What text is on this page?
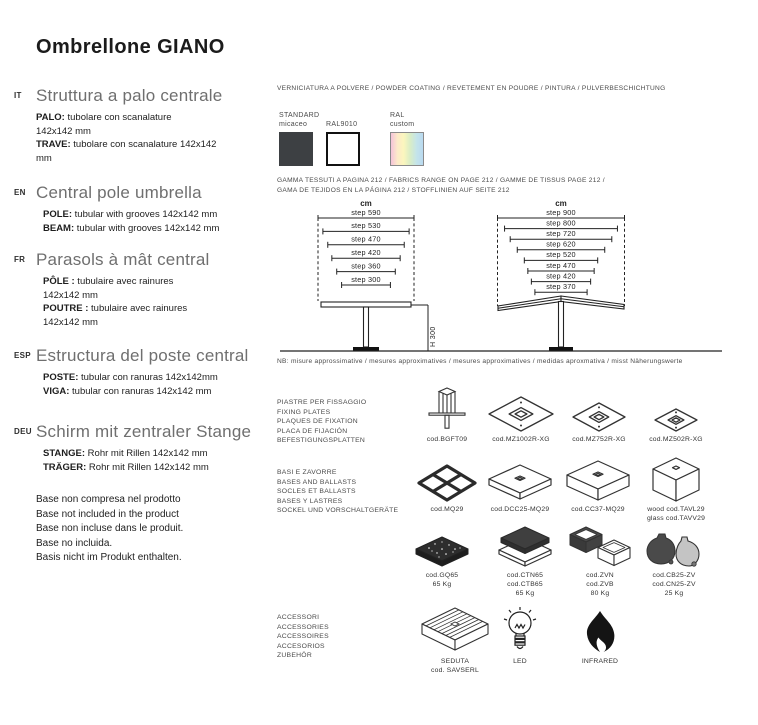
Ombrellone GIANO
IT Struttura a palo centrale
PALO: tubolare con scanalature
142x142 mm
TRAVE: tubolare con scanalature 142x142
mm
EN Central pole umbrella
POLE: tubular with grooves 142x142 mm
BEAM: tubular with grooves 142x142 mm
FR Parasols à mât central
PÔLE : tubulaire avec rainures
142x142 mm
POUTRE : tubulaire avec rainures
142x142 mm
ESP Estructura del poste central
POSTE: tubular con ranuras 142x142mm
VIGA: tubular con ranuras 142x142 mm
DEU Schirm mit zentraler Stange
STANGE: Rohr mit Rillen 142x142 mm
TRÄGER: Rohr mit Rillen 142x142 mm
Base non compresa nel prodotto
Base not included in the product
Base non incluse dans le produit.
Base no incluida.
Basis nicht im Produkt enthalten.
VERNICIATURA A POLVERE / POWDER COATING / REVETEMENT EN POUDRE / PINTURA / PULVERBESCHICHTUNG
STANDARD
micaceo	RAL9010
RAL
custom
GAMMA TESSUTI A PAGINA 212 / FABRICS RANGE ON PAGE 212 / GAMME DE TISSUS PAGE 212 /
GAMA DE TEJIDOS EN LA PÁGINA 212 / STOFFLINIEN AUF SEITE 212
cm
step 590
step 530
step 470
step 420
step 360
step 300
H 300
cm
step 900
step 800
step 720
step 620
step 520
step 470
step 420
step 370
NB: misure approssimative / mesures approximatives / mesures approximatives / medidas aproxmativa / misst Näherungswerte
PIASTRE PER FISSAGGIO
FIXING PLATES
PLAQUES DE FIXATION
PLACA DE FIJACIÓN
BEFESTIGUNGSPLATTEN	cod.BGFT09	cod.MZ1002R-XG	cod.MZ752R-XG	cod.MZ502R-XG
BASI E ZAVORRE
BASES AND BALLASTS
SOCLES ET BALLASTS
BASES Y LASTRES
SOCKEL UND VORSCHALTGERÄTE	cod.MQ29	cod.DCC25-MQ29	cod.CC37-MQ29	wood cod.TAVL29
glass cod.TAVV29
cod.GQ65
65 Kg
cod.CTN65
cod.CTB65
65 Kg
cod.ZVN
cod.ZVB
80 Kg
cod.CB25-ZV
cod.CN25-ZV
25 Kg
ACCESSORI
ACCESSORIES
ACCESSOIRES
ACCESORIOS
ZUBEHÖR
SEDUTA
cod. SAVSERL
LED	INFRARED
